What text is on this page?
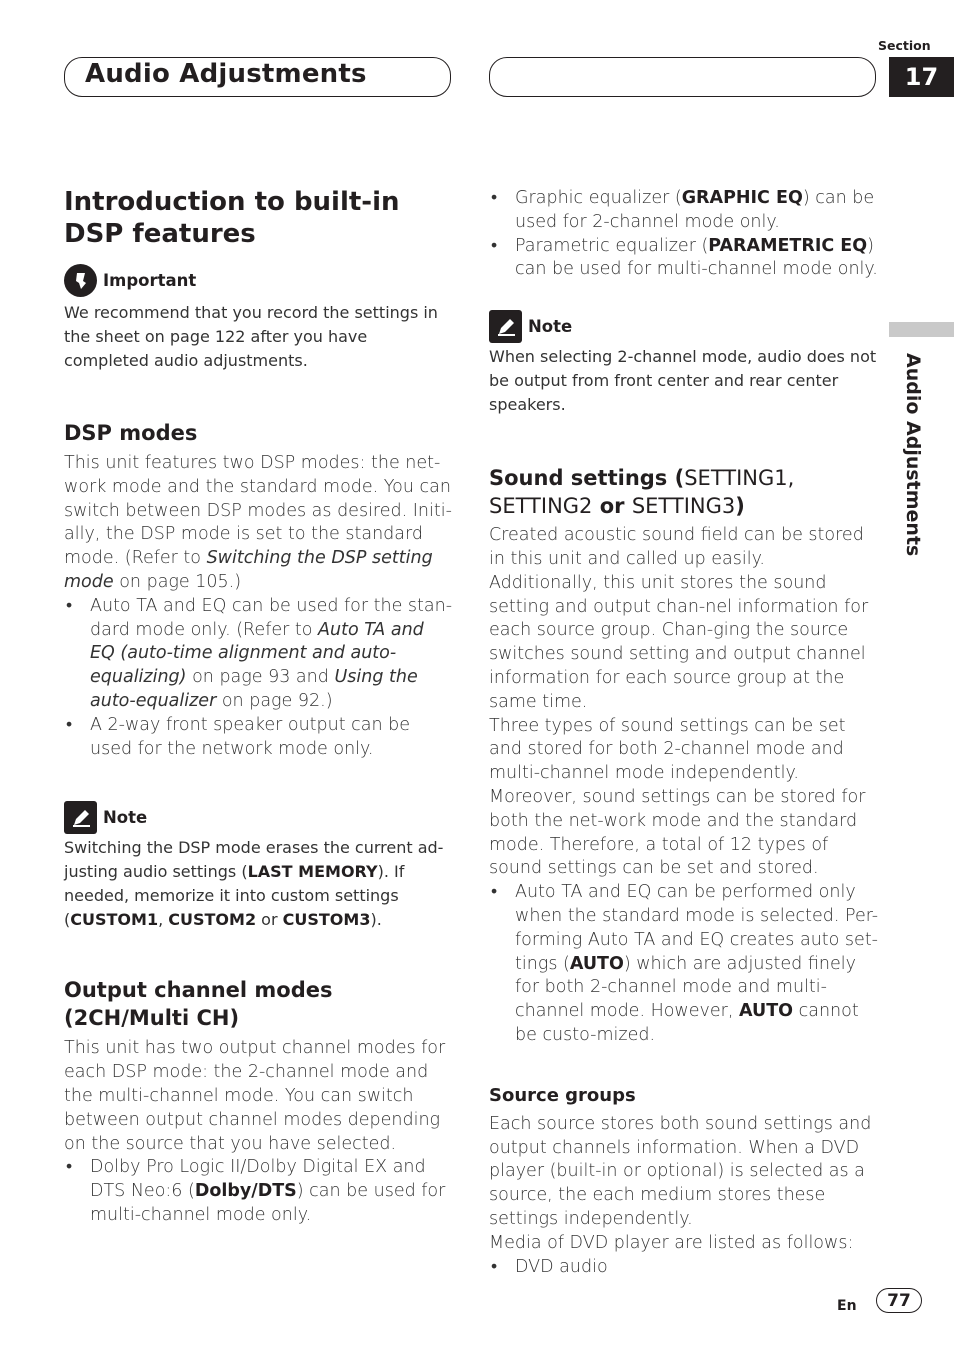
Audio Adjustments
Section
17
Audio Adjustments
Introduction to built-in DSP features
Important
We recommend that you record the settings in the sheet on page 122 after you have completed audio adjustments.
DSP modes
This unit features two DSP modes: the net-work mode and the standard mode. You can switch between DSP modes as desired. Initi-ally, the DSP mode is set to the standard mode. (Refer to Switching the DSP setting mode on page 105.)
• Auto TA and EQ can be used for the stan-dard mode only. (Refer to Auto TA and EQ (auto-time alignment and auto-equalizing) on page 93 and Using the auto-equalizer on page 92.)
• A 2-way front speaker output can be used for the network mode only.
Note
Switching the DSP mode erases the current ad-justing audio settings (LAST MEMORY). If needed, memorize it into custom settings (CUSTOM1, CUSTOM2 or CUSTOM3).
Output channel modes (2CH/Multi CH)
This unit has two output channel modes for each DSP mode: the 2-channel mode and the multi-channel mode. You can switch between output channel modes depending on the source that you have selected.
• Dolby Pro Logic II/Dolby Digital EX and DTS Neo:6 (Dolby/DTS) can be used for multi-channel mode only.
• Graphic equalizer (GRAPHIC EQ) can be used for 2-channel mode only.
• Parametric equalizer (PARAMETRIC EQ) can be used for multi-channel mode only.
Note
When selecting 2-channel mode, audio does not be output from front center and rear center speakers.
Sound settings (SETTING1, SETTING2 or SETTING3)
Created acoustic sound field can be stored in this unit and called up easily. Additionally, this unit stores the sound setting and output chan-nel information for each source group. Chan-ging the source switches sound setting and output channel information for each source group at the same time.
Three types of sound settings can be set and stored for both 2-channel mode and multi-channel mode independently. Moreover, sound settings can be stored for both the net-work mode and the standard mode. Therefore, a total of 12 types of sound settings can be set and stored.
• Auto TA and EQ can be performed only when the standard mode is selected. Per-forming Auto TA and EQ creates auto set-tings (AUTO) which are adjusted finely for both 2-channel mode and multi-channel mode. However, AUTO cannot be custo-mized.
Source groups
Each source stores both sound settings and output channels information. When a DVD player (built-in or optional) is selected as a source, the each medium stores these settings independently.
Media of DVD player are listed as follows:
• DVD audio
En	77
